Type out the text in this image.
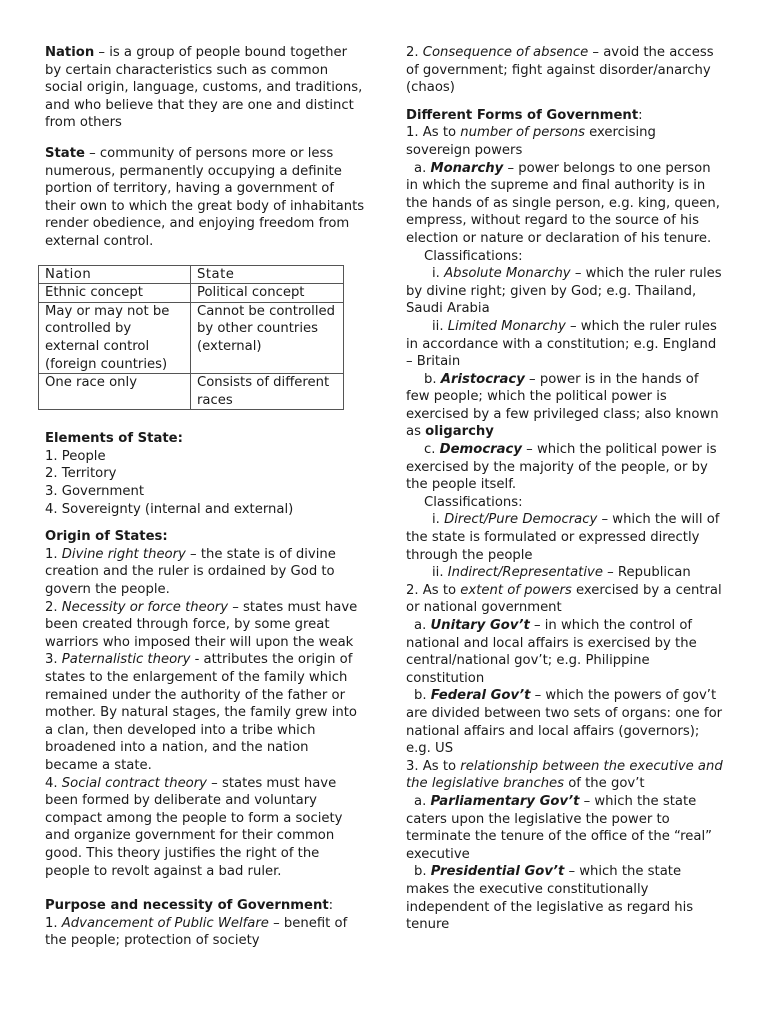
Nation – is a group of people bound together by certain characteristics such as common social origin, language, customs, and traditions, and who believe that they are one and distinct from others

State – community of persons more or less numerous, permanently occupying a definite portion of territory, having a government of their own to which the great body of inhabitants render obedience, and enjoying freedom from external control.

Nation	State
Ethnic concept	Political concept
May or may not be controlled by external control (foreign countries)	Cannot be controlled by other countries (external)
One race only	Consists of different races

Elements of State:

1. People

2. Territory

3. Government

4. Sovereignty (internal and external)

Origin of States:

1. Divine right theory – the state is of divine creation and the ruler is ordained by God to govern the people.

2. Necessity or force theory – states must have been created through force, by some great warriors who imposed their will upon the weak

3. Paternalistic theory - attributes the origin of states to the enlargement of the family which remained under the authority of the father or mother. By natural stages, the family grew into a clan, then developed into a tribe which broadened into a nation, and the nation became a state.

4. Social contract theory – states must have been formed by deliberate and voluntary compact among the people to form a society and organize government for their common good. This theory justifies the right of the people to revolt against a bad ruler.

Purpose and necessity of Government:

1. Advancement of Public Welfare – benefit of the people; protection of society

2. Consequence of absence – avoid the access of government; fight against disorder/anarchy (chaos)

Different Forms of Government:

1. As to number of persons exercising sovereign powers

a. Monarchy – power belongs to one person in which the supreme and final authority is in the hands of as single person, e.g. king, queen, empress, without regard to the source of his election or nature or declaration of his tenure.

Classifications:

i. Absolute Monarchy – which the ruler rules by divine right; given by God; e.g. Thailand, Saudi Arabia

ii. Limited Monarchy – which the ruler rules in accordance with a constitution; e.g. England – Britain

b. Aristocracy – power is in the hands of few people; which the political power is exercised by a few privileged class; also known as oligarchy

c. Democracy – which the political power is exercised by the majority of the people, or by the people itself.

Classifications:

i. Direct/Pure Democracy – which the will of the state is formulated or expressed directly through the people

ii. Indirect/Representative – Republican

2. As to extent of powers exercised by a central or national government

a. Unitary Gov’t – in which the control of national and local affairs is exercised by the central/national gov’t; e.g. Philippine constitution

b. Federal Gov’t – which the powers of gov’t are divided between two sets of organs: one for national affairs and local affairs (governors); e.g. US

3. As to relationship between the executive and the legislative branches of the gov’t

a. Parliamentary Gov’t – which the state caters upon the legislative the power to terminate the tenure of the office of the “real” executive

b. Presidential Gov’t – which the state makes the executive constitutionally independent of the legislative as regard his tenure
